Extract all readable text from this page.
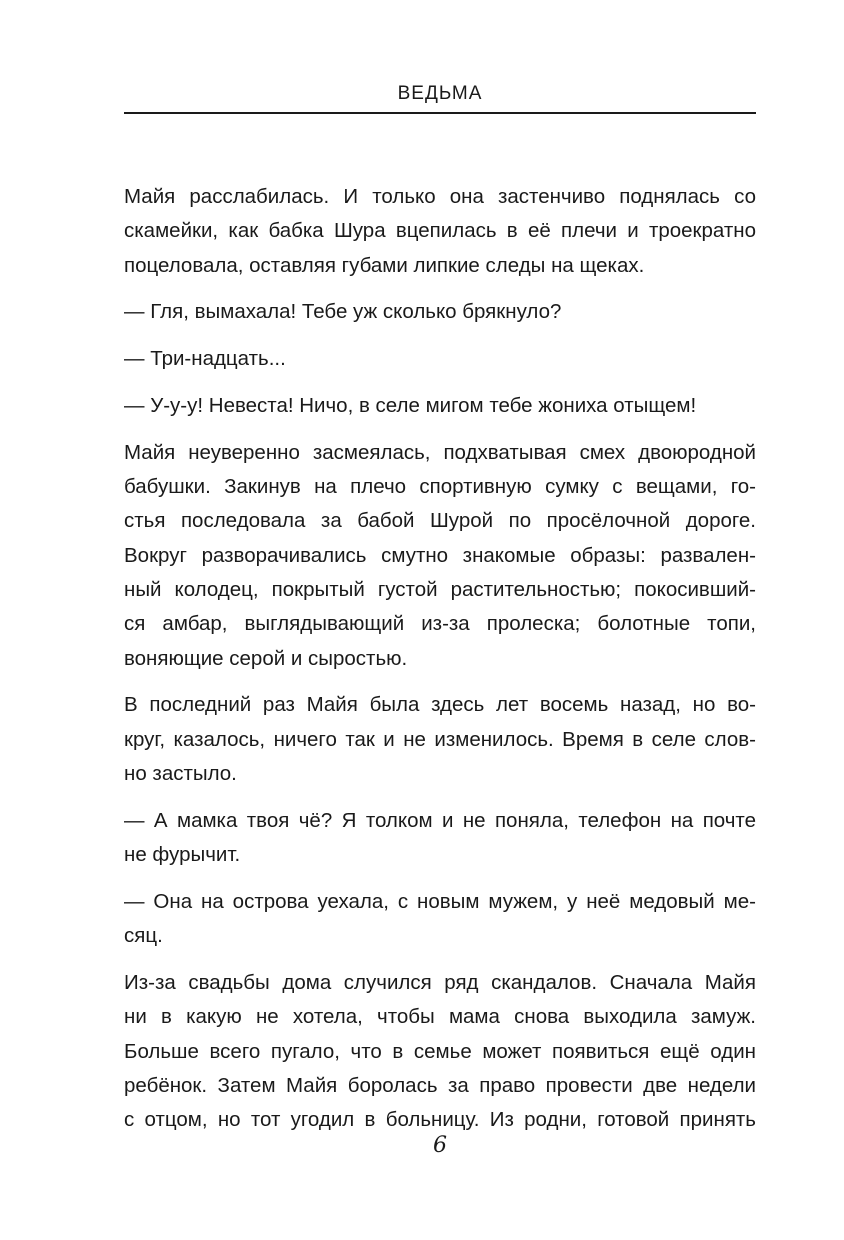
ВЕДЬМА

Майя расслабилась. И только она застенчиво поднялась со
скамейки, как бабка Шура вцепилась в её плечи и троекратно
поцеловала, оставляя губами липкие следы на щеках.

— Гля, вымахала! Тебе уж сколько брякнуло?

— Три-надцать...

— У-у-у! Невеста! Ничо, в селе мигом тебе жониха отыщем!

Майя неуверенно засмеялась, подхватывая смех двоюродной
бабушки. Закинув на плечо спортивную сумку с вещами, го-
стья последовала за бабой Шурой по просёлочной дороге.
Вокруг разворачивались смутно знакомые образы: развален-
ный колодец, покрытый густой растительностью; покосивший-
ся амбар, выглядывающий из-за пролеска; болотные топи,
воняющие серой и сыростью.

В последний раз Майя была здесь лет восемь назад, но во-
круг, казалось, ничего так и не изменилось. Время в селе слов-
но застыло.

— А мамка твоя чё? Я толком и не поняла, телефон на почте
не фурычит.

— Она на острова уехала, с новым мужем, у неё медовый ме-
сяц.

Из-за свадьбы дома случился ряд скандалов. Сначала Майя
ни в какую не хотела, чтобы мама снова выходила замуж.
Больше всего пугало, что в семье может появиться ещё один
ребёнок. Затем Майя боролась за право провести две недели
с отцом, но тот угодил в больницу. Из родни, готовой принять

6
